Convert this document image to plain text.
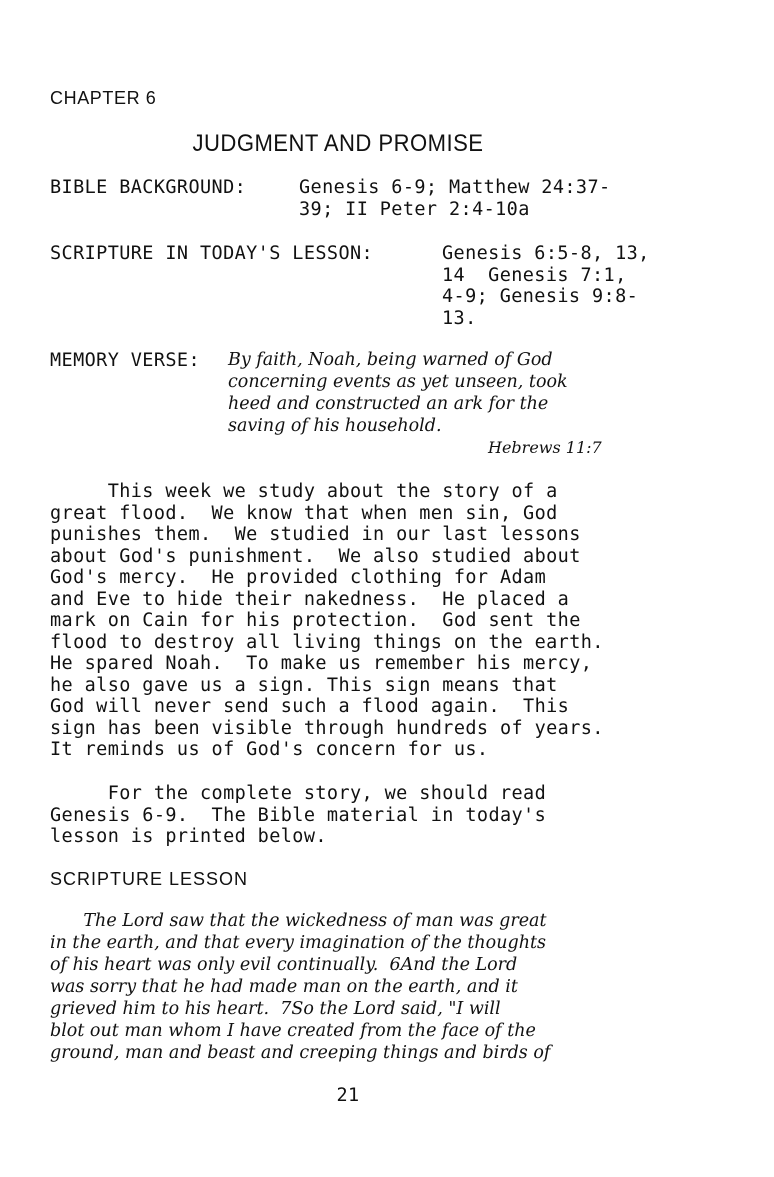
CHAPTER 6
JUDGMENT AND PROMISE
BIBLE BACKGROUND:	Genesis 6-9; Matthew 24:37-
39; II Peter 2:4-10a
SCRIPTURE IN TODAY'S LESSON:	Genesis 6:5-8, 13,
14  Genesis 7:1,
4-9; Genesis 9:8-
13.
MEMORY VERSE: By faith, Noah, being warned of God
concerning events as yet unseen, took
heed and constructed an ark for the
saving of his household.
Hebrews 11:7
This week we study about the story of a
great flood.  We know that when men sin, God
punishes them.  We studied in our last lessons
about God's punishment.  We also studied about
God's mercy.  He provided clothing for Adam
and Eve to hide their nakedness.  He placed a
mark on Cain for his protection.  God sent the
flood to destroy all living things on the earth.
He spared Noah.  To make us remember his mercy,
he also gave us a sign. This sign means that
God will never send such a flood again.  This
sign has been visible through hundreds of years.
It reminds us of God's concern for us.
For the complete story, we should read
Genesis 6-9.  The Bible material in today's
lesson is printed below.
SCRIPTURE LESSON
The Lord saw that the wickedness of man was great
in the earth, and that every imagination of the thoughts
of his heart was only evil continually.  6And the Lord
was sorry that he had made man on the earth, and it
grieved him to his heart.  7So the Lord said, "I will
blot out man whom I have created from the face of the
ground, man and beast and creeping things and birds of
21
